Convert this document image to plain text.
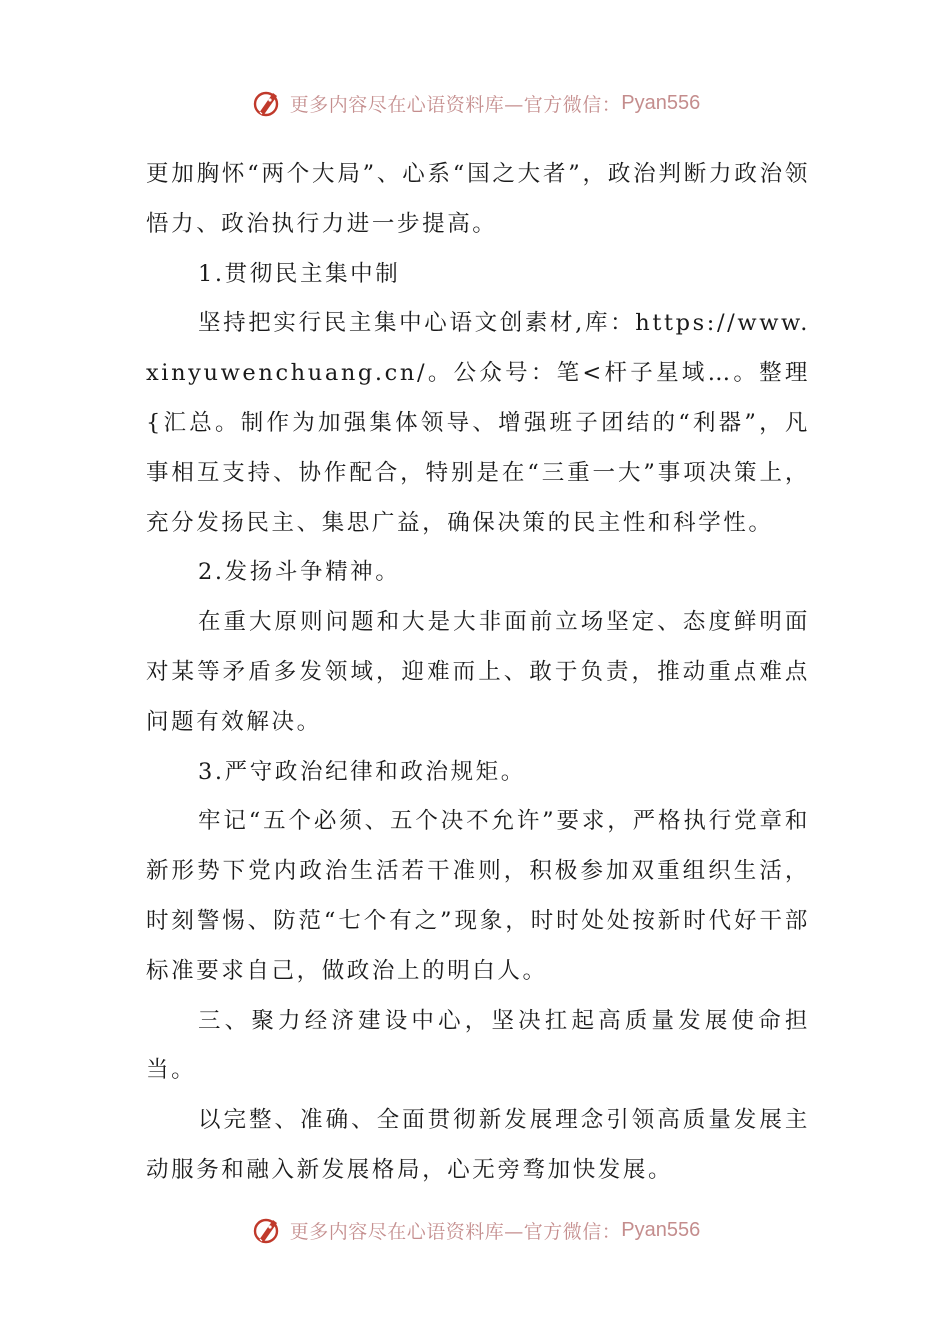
更多内容尽在心语资料库—官方微信： Pyan556

更加胸怀“两个大局”、心系“国之大者”，政治判断力政治领悟力、政治执行力进一步提高。

1.贯彻民主集中制

坚持把实行民主集中心语文创素材,库：https://www.xinyuwenchuang.cn/。公众号：笔<杆子星域…。整理{汇总。制作为加强集体领导、增强班子团结的“利器”，凡事相互支持、协作配合，特别是在“三重一大”事项决策上，充分发扬民主、集思广益，确保决策的民主性和科学性。

2.发扬斗争精神。

在重大原则问题和大是大非面前立场坚定、态度鲜明面对某等矛盾多发领域，迎难而上、敢于负责，推动重点难点问题有效解决。

3.严守政治纪律和政治规矩。

牢记“五个必须、五个决不允许”要求，严格执行党章和新形势下党内政治生活若干准则，积极参加双重组织生活，时刻警惕、防范“七个有之”现象，时时处处按新时代好干部标准要求自己，做政治上的明白人。

三、聚力经济建设中心，坚决扛起高质量发展使命担当。

以完整、准确、全面贯彻新发展理念引领高质量发展主动服务和融入新发展格局，心无旁骛加快发展。

更多内容尽在心语资料库—官方微信： Pyan556
